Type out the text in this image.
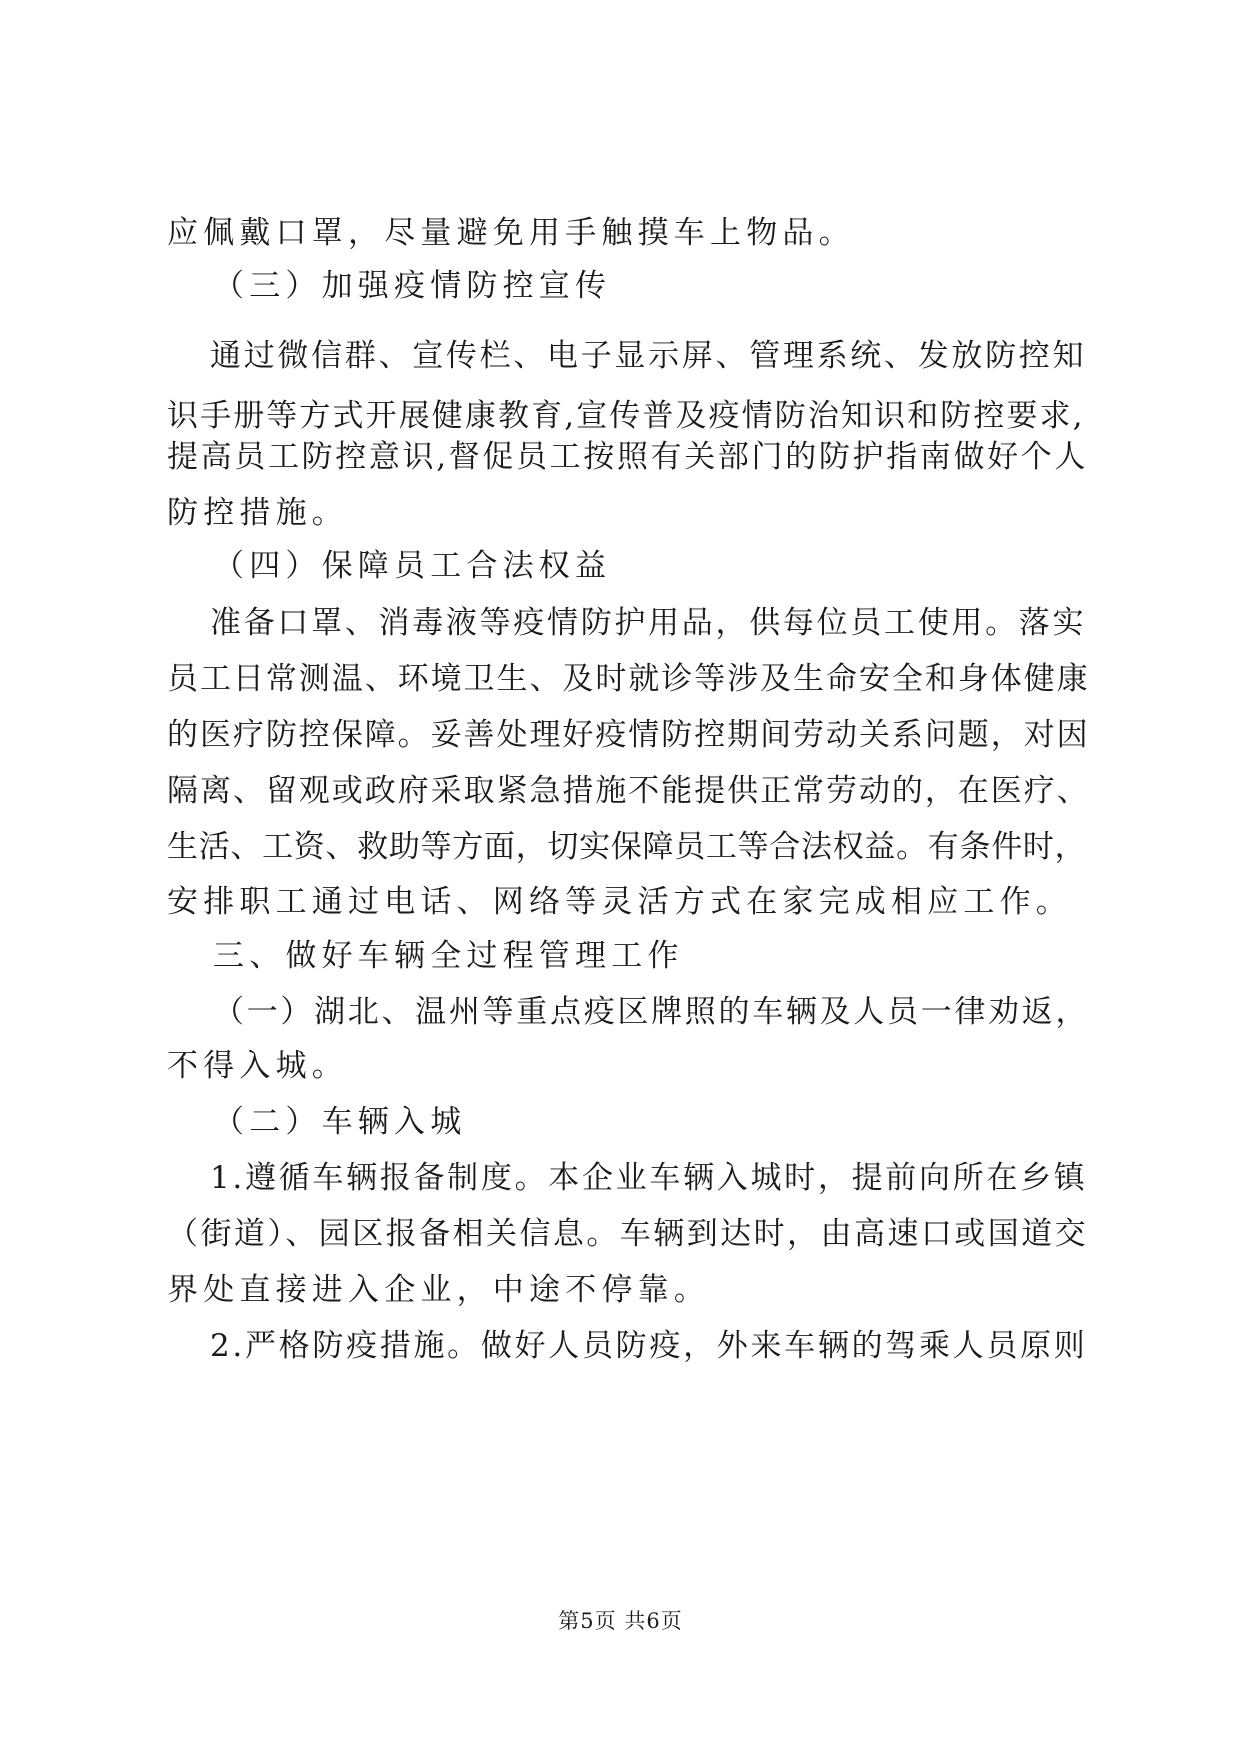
应佩戴口罩，尽量避免用手触摸车上物品。
（三）加强疫情防控宣传
通过微信群、宣传栏、电子显示屏、管理系统、发放防控知
识手册等方式开展健康教育,宣传普及疫情防治知识和防控要求,
提高员工防控意识,督促员工按照有关部门的防护指南做好个人
防控措施。
（四）保障员工合法权益
准备口罩、消毒液等疫情防护用品，供每位员工使用。落实
员工日常测温、环境卫生、及时就诊等涉及生命安全和身体健康
的医疗防控保障。妥善处理好疫情防控期间劳动关系问题，对因
隔离、留观或政府采取紧急措施不能提供正常劳动的，在医疗、
生活、工资、救助等方面，切实保障员工等合法权益。有条件时，
安排职工通过电话、网络等灵活方式在家完成相应工作。
三、做好车辆全过程管理工作
（一）湖北、温州等重点疫区牌照的车辆及人员一律劝返，
不得入城。
（二）车辆入城
1.遵循车辆报备制度。本企业车辆入城时，提前向所在乡镇
（街道）、园区报备相关信息。车辆到达时，由高速口或国道交
界处直接进入企业，中途不停靠。
2.严格防疫措施。做好人员防疫，外来车辆的驾乘人员原则
第5页 共6页
